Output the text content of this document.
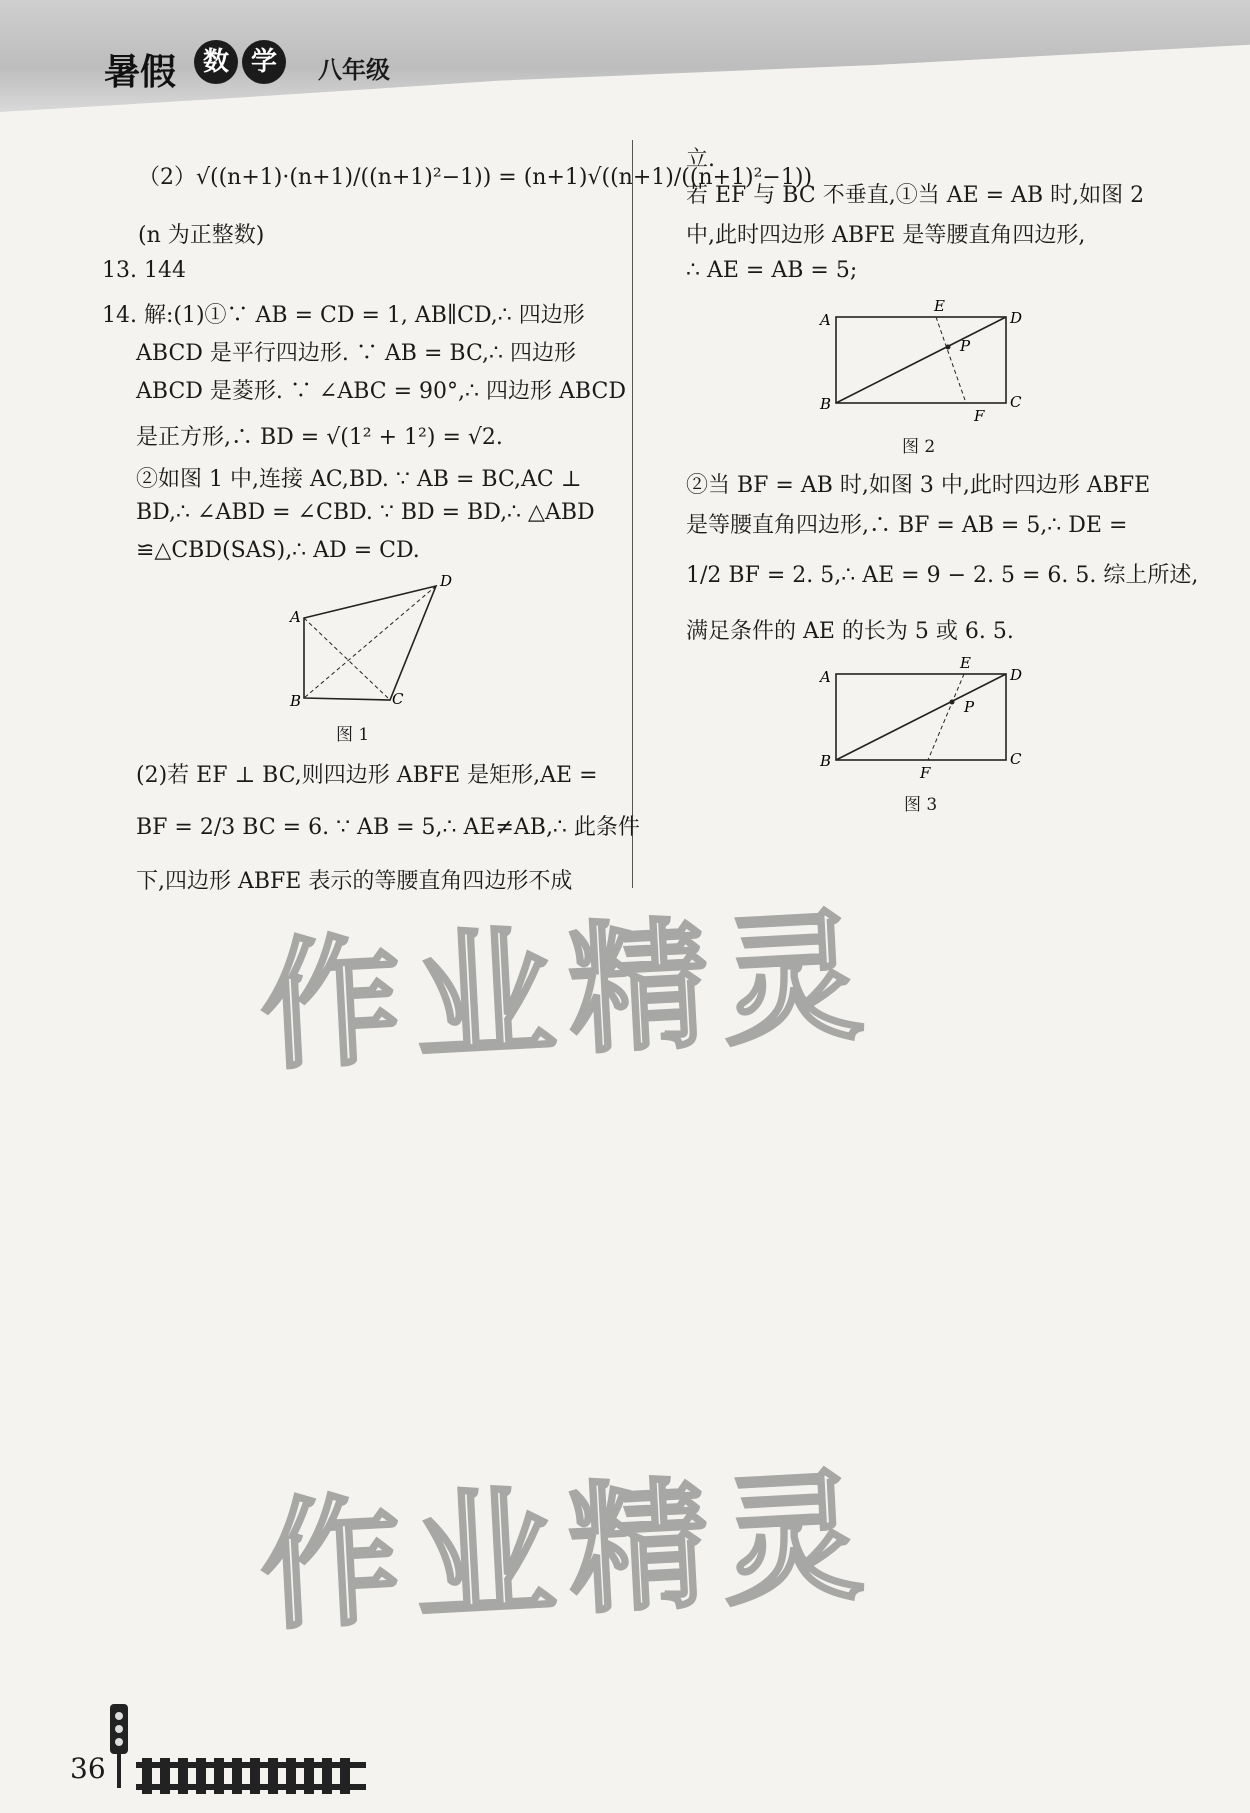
暑假	数 学	八年级
（2）√((n+1)·(n+1)/((n+1)²−1)) = (n+1)√((n+1)/((n+1)²−1))
(n 为正整数)
13. 144
14. 解:(1)①∵ AB = CD = 1, AB∥CD,∴ 四边形
ABCD 是平行四边形. ∵ AB = BC,∴ 四边形
ABCD 是菱形. ∵ ∠ABC = 90°,∴ 四边形 ABCD
是正方形,∴ BD = √(1² + 1²) = √2.
②如图 1 中,连接 AC,BD. ∵ AB = BC,AC ⊥
BD,∴ ∠ABD = ∠CBD. ∵ BD = BD,∴ △ABD
≌△CBD(SAS),∴ AD = CD.
A
D
B	C
图 1
(2)若 EF ⊥ BC,则四边形 ABFE 是矩形,AE =
BF = 2/3 BC = 6. ∵ AB = 5,∴ AE≠AB,∴ 此条件
下,四边形 ABFE 表示的等腰直角四边形不成
立.
若 EF 与 BC 不垂直,①当 AE = AB 时,如图 2
中,此时四边形 ABFE 是等腰直角四边形,
∴ AE = AB = 5;
A
E
D
P
B	C
F
图 2
②当 BF = AB 时,如图 3 中,此时四边形 ABFE
是等腰直角四边形,∴ BF = AB = 5,∴ DE =
1/2 BF = 2. 5,∴ AE = 9 − 2. 5 = 6. 5. 综上所述,
满足条件的 AE 的长为 5 或 6. 5.
A
E
D
P
B	C
F
图 3
作业精灵
作业精灵
36
